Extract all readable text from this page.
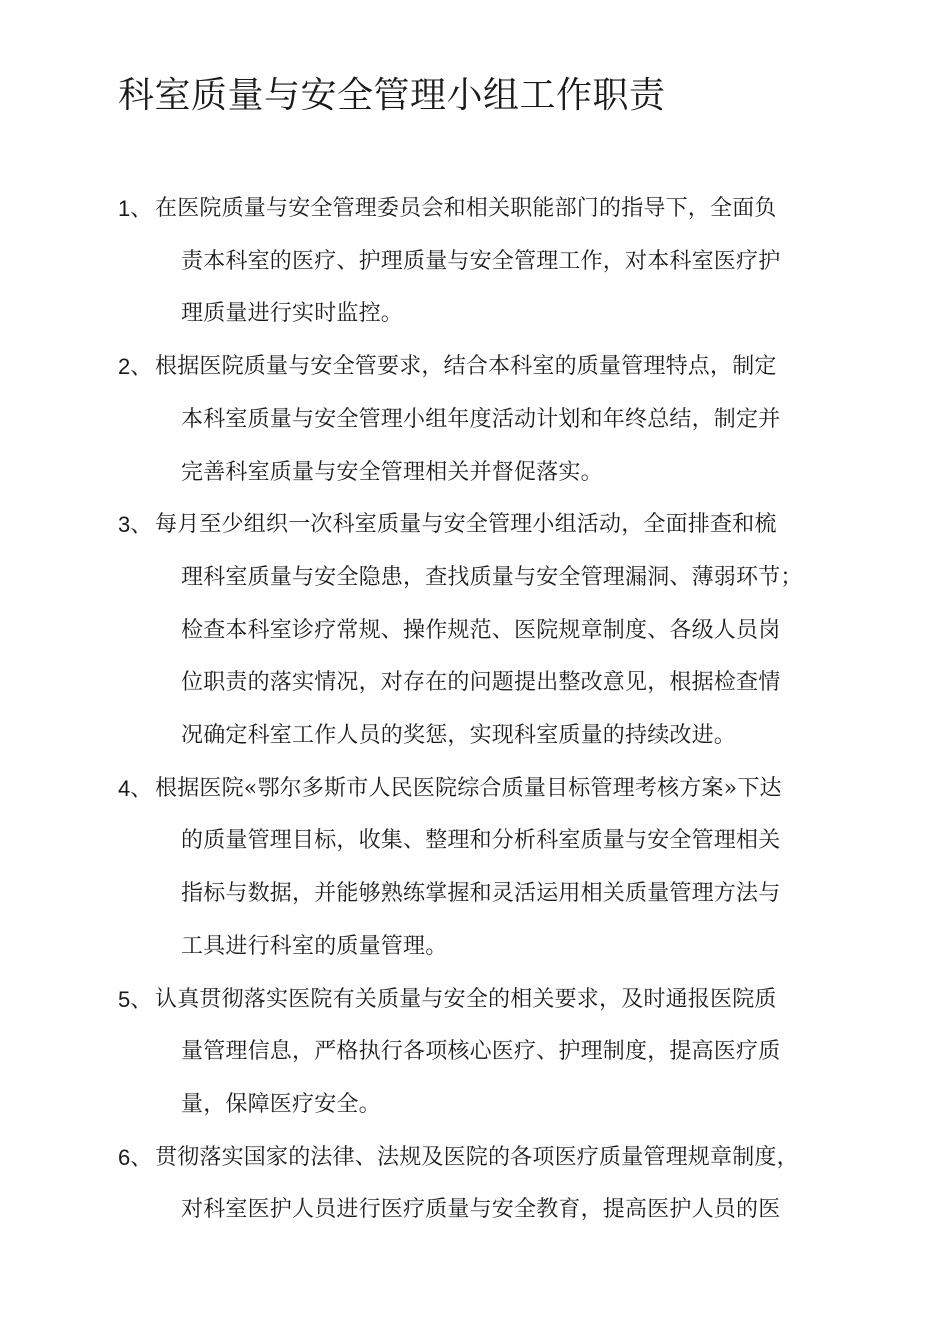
科室质量与安全管理小组工作职责
1、 在医院质量与安全管理委员会和相关职能部门的指导下，全面负
责本科室的医疗、护理质量与安全管理工作，对本科室医疗护
理质量进行实时监控。
2、 根据医院质量与安全管要求，结合本科室的质量管理特点，制定
本科室质量与安全管理小组年度活动计划和年终总结，制定并
完善科室质量与安全管理相关并督促落实。
3、 每月至少组织一次科室质量与安全管理小组活动，全面排查和梳
理科室质量与安全隐患，查找质量与安全管理漏洞、薄弱环节；
检查本科室诊疗常规、操作规范、医院规章制度、各级人员岗
位职责的落实情况，对存在的问题提出整改意见，根据检查情
况确定科室工作人员的奖惩，实现科室质量的持续改进。
4、 根据医院«鄂尔多斯市人民医院综合质量目标管理考核方案»下达
的质量管理目标，收集、整理和分析科室质量与安全管理相关
指标与数据，并能够熟练掌握和灵活运用相关质量管理方法与
工具进行科室的质量管理。
5、 认真贯彻落实医院有关质量与安全的相关要求，及时通报医院质
量管理信息，严格执行各项核心医疗、护理制度，提高医疗质
量，保障医疗安全。
6、 贯彻落实国家的法律、法规及医院的各项医疗质量管理规章制度，
对科室医护人员进行医疗质量与安全教育，提高医护人员的医
